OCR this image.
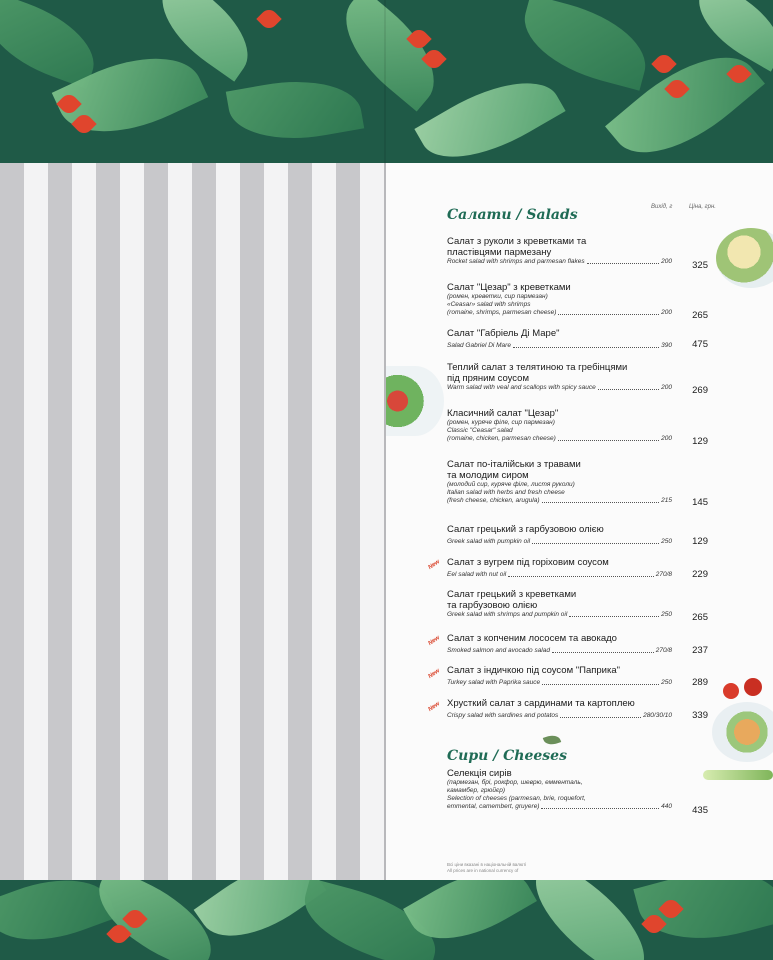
Салати / Salads	Вихід, г	Ціна, грн.
Салат з руколи з креветками та
пластівцями пармезану
Rocket salad with shrimps and parmesan flakes	200	325
Салат "Цезар" з креветками
(ромен, креветки, сир пармезан)
«Ceasar» salad with shrimps
(romaine, shrimps, parmesan cheese)	200	265
Салат "Габріель Ді Маре"
Salad Gabriel Di Mare	390	475
Теплий салат з телятиною та гребінцями
під пряним соусом
Warm salad with veal and scallops with spicy sauce	200	269
Класичний салат "Цезар"
(ромен, куряче філе, сир пармезан)
Classic "Ceasar" salad
(romaine, chicken, parmesan cheese)	200	129
Салат по-італійськи з травами
та молодим сиром
(молодий сир, куряче філе, листя руколи)
Italian salad with herbs and fresh cheese
(fresh cheese, chicken, arugula)	215	145
Салат грецький з гарбузовою олією
Greek salad with pumpkin oil	250	129
New Салат з вугрем під горіховим соусом
Eel salad with nut oil	270/8	229
Салат грецький з креветками
та гарбузовою олією
Greek salad with shrimps and pumpkin oil	250	265
New Салат з копченим лососем та авокадо
Smoked salmon and avocado salad	270/8	237
New Салат з індичкою під соусом "Паприка"
Turkey salad with Paprika sauce	250	289
New Хрусткий салат з сардинами та картоплею
Crispy salad with sardines and potatos	280/30/10	339
Сири / Cheeses
Селекція сирів
(пармезан, брі, рокфор, шеврю, емменталь,
камамбер, грюйєр)
Selection of cheeses (parmesan, brie, roquefort,
emmental, camembert, gruyere)	440	435
Всі ціни вказані в національній валюті
All prices are in national currency of
